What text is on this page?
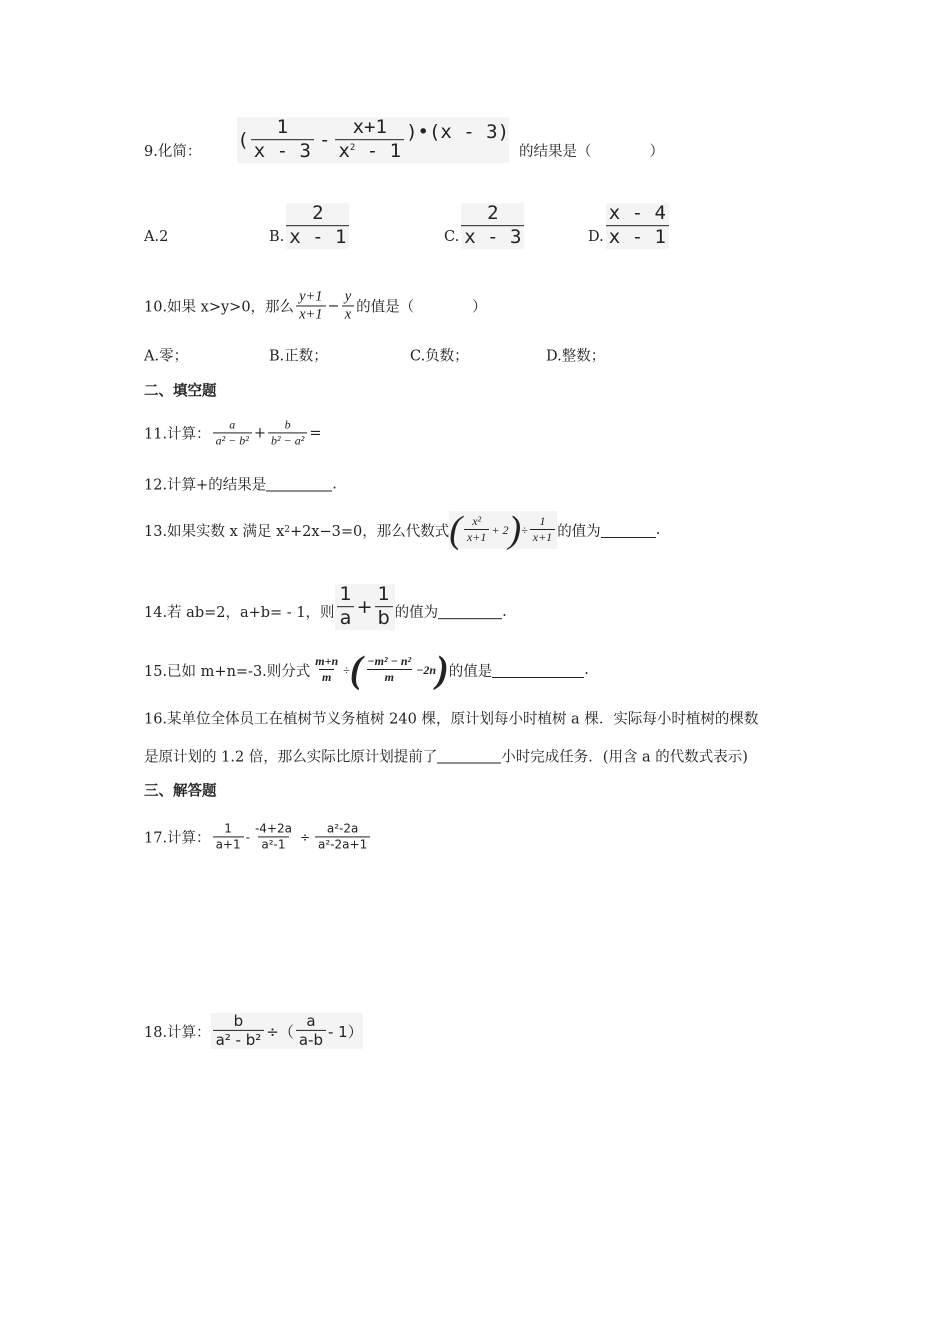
9.化简：
( $\frac{1}{x - 3} - \frac{x+1}{x^2 - 1}$ )•(x - 3)
的结果是（　　　　）
A. 2	B. $\frac{2}{x - 1}$	C. $\frac{2}{x - 3}$	D. $\frac{x - 4}{x - 1}$
10.如果 x>y>0，那么 $\frac{y+1}{x+1} - \frac{y}{x}$ 的值是（　　　　）
A.零；	B.正数；	C.负数；	D.整数；
二、填空题
11.计算： $\frac{a}{\text{a² − b²}} + \frac{b}{\text{b² − a²}}$ =
12.计算+的结果是	.
13.如果实数 x 满足 x 2 +2x−3=0，那么代数式 ( $\frac{\text{x²}}{x+1} + 2$ ) ÷ $\frac{1}{x+1}$ 的值为	.
14.若 ab=2，a+b= - 1，则 $\frac{1}{a} + \frac{1}{b}$ 的值为	.
15.已如 m+n=-3.则分式 $\frac{m+n}{m}$ ÷ ( $\frac{\text{−m² − n²}}{m} -2n$ ) 的值是	.
16.某单位全体员工在植树节义务植树 240 棵，原计划每小时植树 a 棵．实际每小时植树的棵数
是原计划的 1.2 倍，那么实际比原计划提前了	小时完成任务．(用含 a 的代数式表示)
三、解答题
17.计算： $\frac{1}{a+1} - \frac{-4+2a}{\text{a²-1}} \div \frac{\text{a²-2a}}{\text{a²-2a+1}}$
18.计算： $\frac{b}{\text{a² - b²}}$ ÷（ $\frac{a}{a-b} - 1$）
